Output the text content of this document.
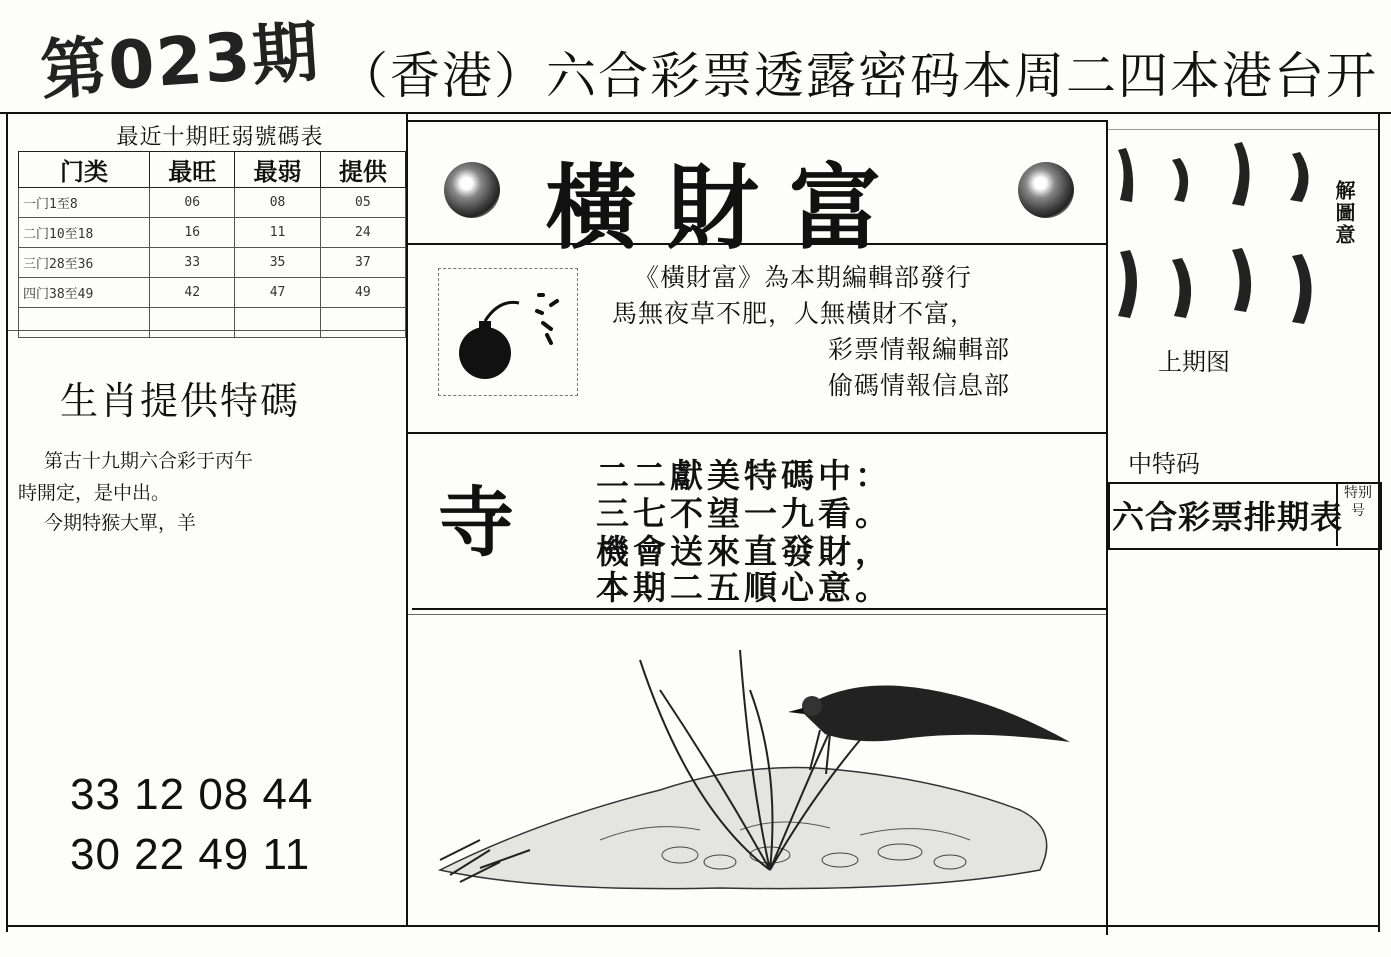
第023期 （香港）六合彩票透露密码本周二四本港台开
最近十期旺弱號碼表
门类	最旺	最弱	提供
一门1至8	06	08	05
二门10至18	16	11	24
三门28至36	33	35	37
四门38至49	42	47	49

生肖提供特碼
第古十九期六合彩于丙午
時開定，是中出。
今期特猴大單，羊
33 12 08 44
30 22 49 11
橫財富
《橫財富》為本期編輯部發行
馬無夜草不肥，人無橫財不富，
彩票情報編輯部
偷碼情報信息部
寺
二二獻美特碼中：
三七不望一九看。
機會送來直發財，
本期二五順心意。
解圖意
上期图
中特码
六合彩票排期表
特别号
